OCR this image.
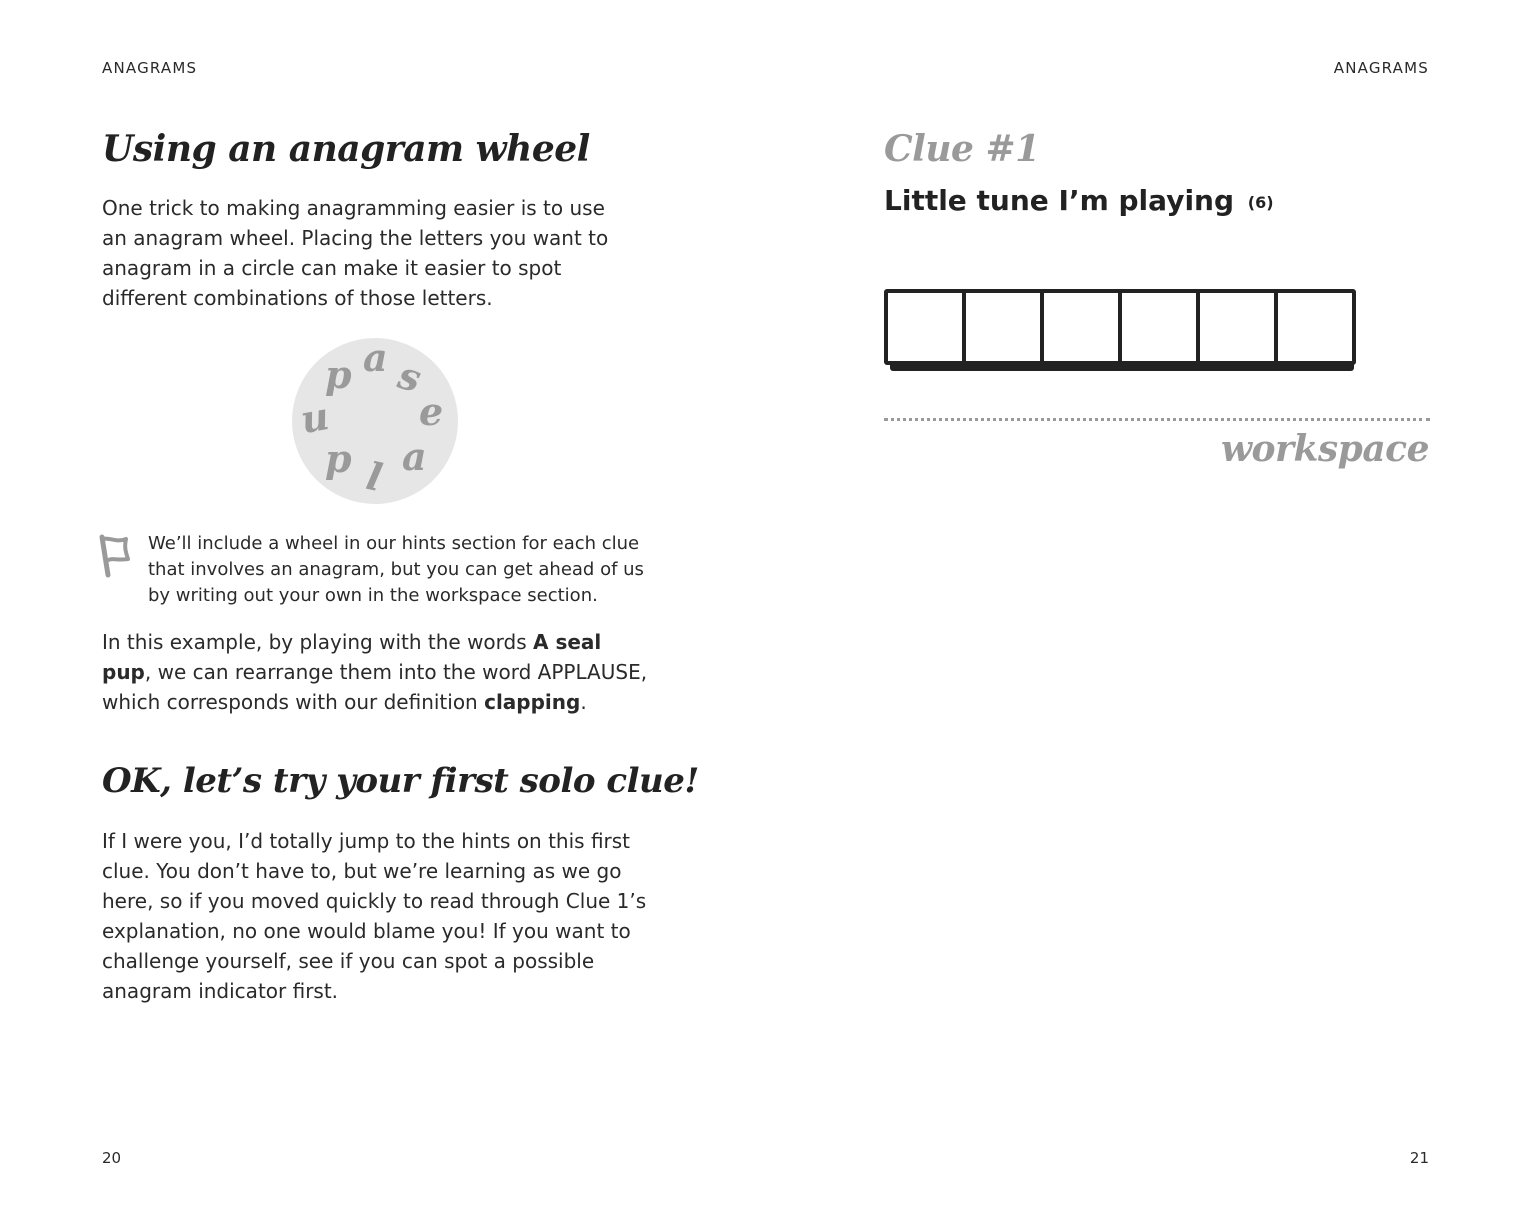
ANAGRAMS
Using an anagram wheel
One trick to making anagramming easier is to use an anagram wheel. Placing the letters you want to anagram in a circle can make it easier to spot different combinations of those letters.
p a s
u e
p l a
We’ll include a wheel in our hints section for each clue that involves an anagram, but you can get ahead of us by writing out your own in the workspace section.
In this example, by playing with the words A seal pup, we can rearrange them into the word APPLAUSE, which corresponds with our definition clapping.
OK, let’s try your first solo clue!
If I were you, I’d totally jump to the hints on this first clue. You don’t have to, but we’re learning as we go here, so if you moved quickly to read through Clue 1’s explanation, no one would blame you! If you want to challenge yourself, see if you can spot a possible anagram indicator first.
20
ANAGRAMS
Clue #1
Little tune I’m playing (6)
workspace
21
